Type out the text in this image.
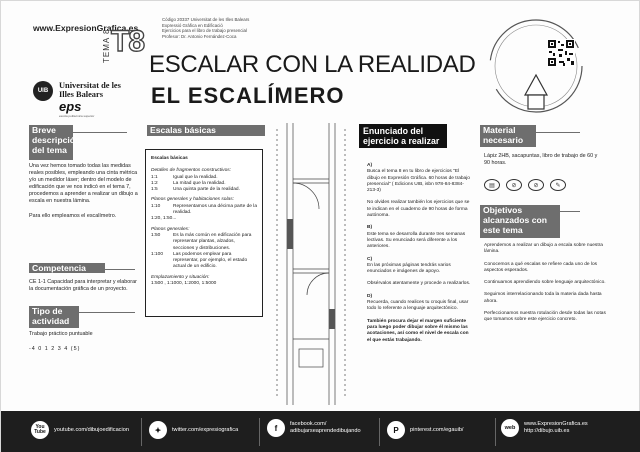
www.ExpresionGrafica.es
Código 20337 Universitat de les Illes Balears
Expressió Gràfica en Edificació
Ejercicios para el libro de trabajo presencial
Profesor: Dr. Antonio Fernández-Coca
TEMA 8 T8
ESCALAR CON LA REALIDAD
EL ESCALÍMERO
UIB
Universitat de les Illes Balears
eps
escola politècnica superior
Breve descripción del tema
Una vez hemos tomado todas las medidas reales posibles, empleando una cinta métrica y/o un medidor láser; dentro del modelo de edificación que ve nos indicó en el tema 7, procedemos a aprender a realizar un dibujo a escala en nuestra lámina.
Para ello empleamos el escalímetro.
Competencia
CE 1-1 Capacidad para interpretar y elaborar la documentación gráfica de un proyecto.
Tipo de actividad
Trabajo práctico puntuable
-4 0 1 2 3 4 (5)
Escalas básicas
Escalas básicas
Detalles de fragmentos constructivos:
1:1	Igual que la realidad.
1:2	La mitad que la realidad.
1:5	Una quinta parte de la realidad.
Planos generales y habitaciones solas:
1:10	Representamos una décima parte de la realidad.
1:20, 1:50...
Planos generales:
1:50	Es la más común en edificación para representar plantas, alzados, secciones y distribuciones.
1:100	Las podemos emplear para representar, por ejemplo, el estado actual de un edificio.
Emplazamiento y situación:
1:500 , 1:1000, 1:2000, 1:5000
Enunciado del ejercicio a realizar
A)
Busca el tema 8 en tu libro de ejercicios "El dibujo en Expresión Gráfica. 60 horas de trabajo presencial" ( Edicions UIB, isbn 978-84-8384-213-3)
No olvides realizar también los ejercicios que se te indican en el cuaderno de 90 horas de forma autónoma.
B)
Este tema se desarrolla durante tres semanas lectivas. Su enunciado será diferente a los anteriores.
C)
En las próximas páginas tendrás varios enunciados e imágenes de apoyo.
Obsérvalos atentamente y procede a realizarlos.
D)
Recuerda, cuando realices tu croquis final, usar todo lo referente a lenguaje arquitectónico.
También procura dejar el margen suficiente para luego poder dibujar sobre él mismo las acotaciones, así como el nivel de escala con el que estás trabajando.
Material necesario
Lápiz 2HB, sacapuntas, libro de trabajo de 60 y 90 horas.
▤	⊘	⊘	✎
Objetivos alcanzados con este tema
Aprendemos a realizar un dibujo a escala sobre nuestra lámina.
Conocemos a qué escalas se refiere cada uno de los aspectos esperados.
Continuamos aprendiendo sobre lenguaje arquitectónico.
Seguimos interrelacionando toda la materia dada hasta ahora.
Perfeccionamos nuestra rotulación desde todas las notas que tomamos sobre este ejercicio concreto.
You Tube	youtube.com/dibujoedificacion	✦	twitter.com/expresiografica	f	facebook.com/
adibujarseaprendedibujando	P	pinterest.com/egauib/	web
www.ExpresionGrafica.es
http://dibujo.uib.es
